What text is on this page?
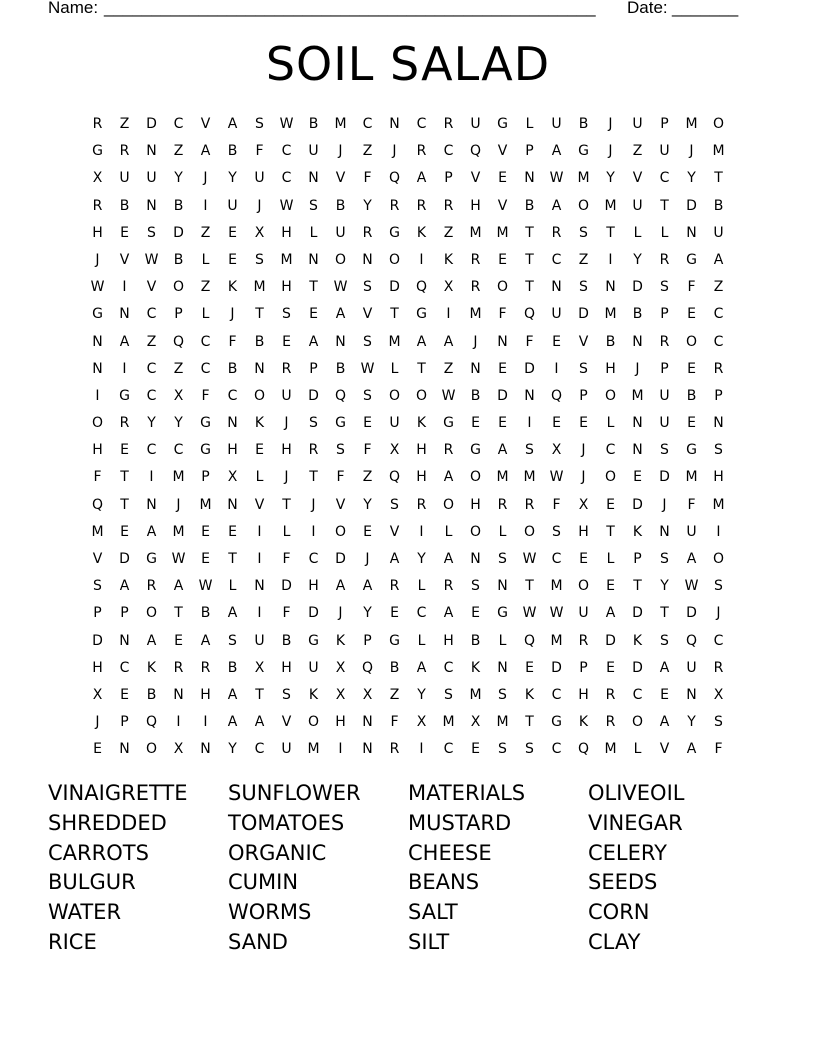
Name: ____________________________________________________ Date: _______
SOIL SALAD
R	Z	D	C	V	A	S	W	B	M	C	N	C	R	U	G	L	U	B	J	U	P	M	O
G	R	N	Z	A	B	F	C	U	J	Z	J	R	C	Q	V	P	A	G	J	Z	U	J	M
X	U	U	Y	J	Y	U	C	N	V	F	Q	A	P	V	E	N	W	M	Y	V	C	Y	T
R	B	N	B	I	U	J	W	S	B	Y	R	R	R	H	V	B	A	O	M	U	T	D	B
H	E	S	D	Z	E	X	H	L	U	R	G	K	Z	M	M	T	R	S	T	L	L	N	U
J	V	W	B	L	E	S	M	N	O	N	O	I	K	R	E	T	C	Z	I	Y	R	G	A
W	I	V	O	Z	K	M	H	T	W	S	D	Q	X	R	O	T	N	S	N	D	S	F	Z
G	N	C	P	L	J	T	S	E	A	V	T	G	I	M	F	Q	U	D	M	B	P	E	C
N	A	Z	Q	C	F	B	E	A	N	S	M	A	A	J	N	F	E	V	B	N	R	O	C
N	I	C	Z	C	B	N	R	P	B	W	L	T	Z	N	E	D	I	S	H	J	P	E	R
I	G	C	X	F	C	O	U	D	Q	S	O	O	W	B	D	N	Q	P	O	M	U	B	P
O	R	Y	Y	G	N	K	J	S	G	E	U	K	G	E	E	I	E	E	L	N	U	E	N
H	E	C	C	G	H	E	H	R	S	F	X	H	R	G	A	S	X	J	C	N	S	G	S
F	T	I	M	P	X	L	J	T	F	Z	Q	H	A	O	M	M	W	J	O	E	D	M	H
Q	T	N	J	M	N	V	T	J	V	Y	S	R	O	H	R	R	F	X	E	D	J	F	M
M	E	A	M	E	E	I	L	I	O	E	V	I	L	O	L	O	S	H	T	K	N	U	I
V	D	G	W	E	T	I	F	C	D	J	A	Y	A	N	S	W	C	E	L	P	S	A	O
S	A	R	A	W	L	N	D	H	A	A	R	L	R	S	N	T	M	O	E	T	Y	W	S
P	P	O	T	B	A	I	F	D	J	Y	E	C	A	E	G	W W	U	A	D	T	D	J
D	N	A	E	A	S	U	B	G	K	P	G	L	H	B	L	Q	M	R	D	K	S	Q	C
H	C	K	R	R	B	X	H	U	X	Q	B	A	C	K	N	E	D	P	E	D	A	U	R
X	E	B	N	H	A	T	S	K	X	X	Z	Y	S	M	S	K	C	H	R	C	E	N	X
J	P	Q	I	I	A	A	V	O	H	N	F	X	M	X	M	T	G	K	R	O	A	Y	S
E	N	O	X	N	Y	C	U	M	I	N	R	I	C	E	S	S	C	Q	M	L	V	A	F
VINAIGRETTE	SUNFLOWER	MATERIALS	OLIVEOIL
SHREDDED	TOMATOES	MUSTARD	VINEGAR
CARROTS	ORGANIC	CHEESE	CELERY
BULGUR	CUMIN	BEANS	SEEDS
WATER	WORMS	SALT	CORN
RICE	SAND	SILT	CLAY
